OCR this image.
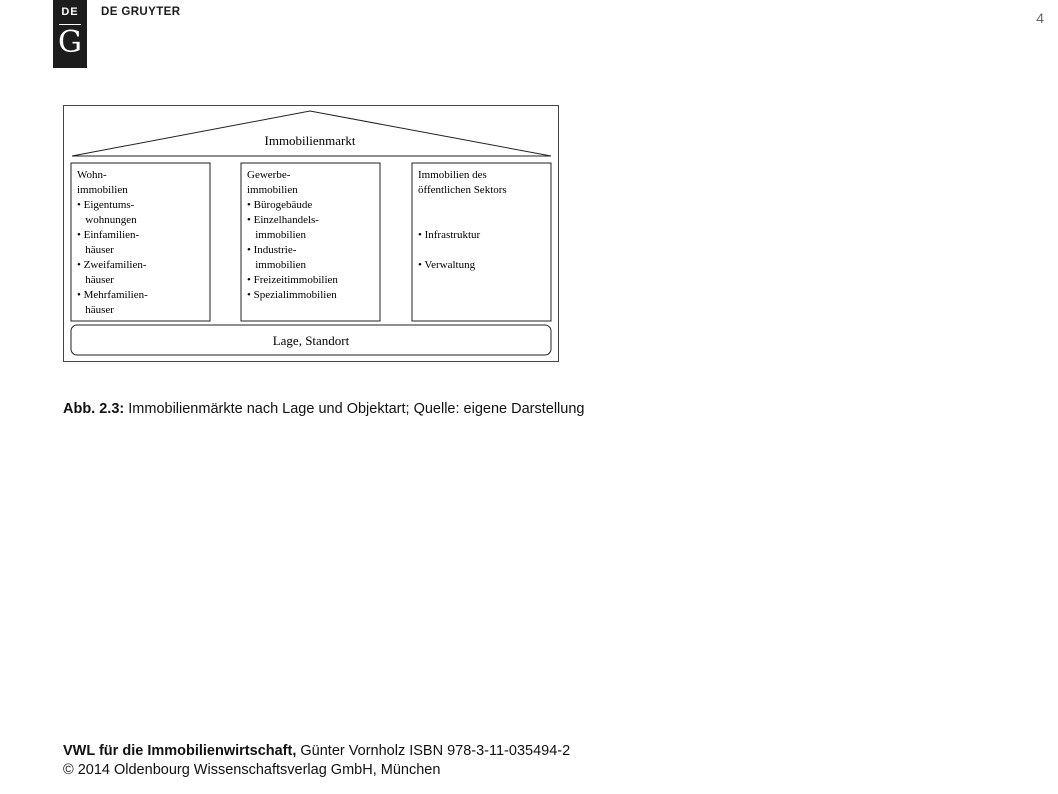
DE
G
DE GRUYTER	4
Immobilienmarkt
Wohn-       immobilien • Eigentums-          wohnungen • Einfamilien-          häuser • Zweifamilien-          häuser • Mehrfamilien-          häuser
Gewerbe-       immobilien • Bürogebäude • Einzelhandels-          immobilien • Industrie-          immobilien • Freizeitimmobilien • Spezialimmobilien
Immobilien des öffentlichen Sektors • Infrastruktur • Verwaltung
Lage, Standort
Abb. 2.3: Immobilienmärkte nach Lage und Objektart; Quelle: eigene Darstellung
VWL für die Immobilienwirtschaft, Günter Vornholz ISBN 978-3-11-035494-2
© 2014 Oldenbourg Wissenschaftsverlag GmbH, München
